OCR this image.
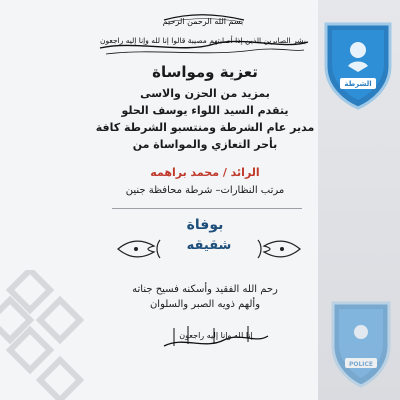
الشرطة
POLICE
بسم الله الرحمن الرحيم
بشر الصابرين الذين إذا أصابتهم مصيبة قالوا إنا لله وإنا إليه راجعون
تعزية ومواساة
بمزيد من الحزن والاسى
يتقدم السيد اللواء يوسف الحلو
مدير عام الشرطة ومنتسبو الشرطة كافة
بأحر التعازي والمواساة من
الرائد / محمد براهمه
مرتب النظارات– شرطة محافظة جنين
بوفاة
شقيقه
رحم الله الفقيد وأسكنه فسيح جناته
وألهم ذويه الصبر والسلوان
إنا لله وإنا إليه راجعون
